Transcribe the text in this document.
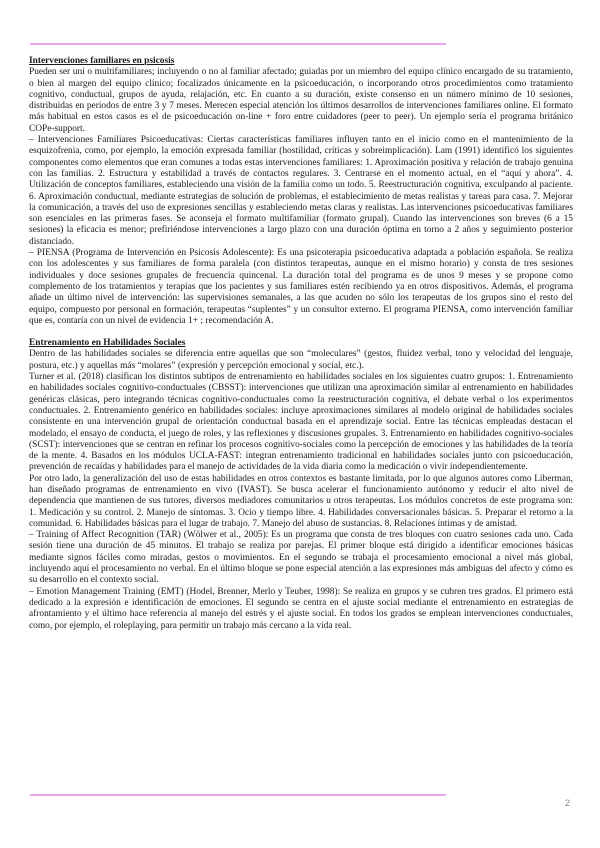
Intervenciones familiares en psicosis

Pueden ser uni o multifamiliares; incluyendo o no al familiar afectado; guiadas por un miembro del equipo clínico encargado de su tratamiento, o bien al margen del equipo clínico; focalizados únicamente en la psicoeducación, o incorporando otros procedimientos como tratamiento cognitivo, conductual, grupos de ayuda, relajación, etc. En cuanto a su duración, existe consenso en un número mínimo de 10 sesiones, distribuidas en periodos de entre 3 y 7 meses. Merecen especial atención los últimos desarrollos de intervenciones familiares online. El formato más habitual en estos casos es el de psicoeducación on-line + foro entre cuidadores (peer to peer). Un ejemplo sería el programa británico COPe-support.

– Intervenciones Familiares Psicoeducativas: Ciertas características familiares influyen tanto en el inicio como en el mantenimiento de la esquizofrenia, como, por ejemplo, la emoción expresada familiar (hostilidad, críticas y sobreimplicación). Lam (1991) identificó los siguientes componentes como elementos que eran comunes a todas estas intervenciones familiares: 1. Aproximación positiva y relación de trabajo genuina con las familias. 2. Estructura y estabilidad a través de contactos regulares. 3. Centrarse en el momento actual, en el “aquí y ahora”. 4. Utilización de conceptos familiares, estableciendo una visión de la familia como un todo. 5. Reestructuración cognitiva, exculpando al paciente. 6. Aproximación conductual, mediante estrategias de solución de problemas, el establecimiento de metas realistas y tareas para casa. 7. Mejorar la comunicación, a través del uso de expresiones sencillas y estableciendo metas claras y realistas. Las intervenciones psicoeducativas familiares son esenciales en las primeras fases. Se aconseja el formato multifamiliar (formato grupal). Cuando las intervenciones son breves (6 a 15 sesiones) la eficacia es menor; prefiriéndose intervenciones a largo plazo con una duración óptima en torno a 2 años y seguimiento posterior distanciado.

– PIENSA (Programa de Intervención en Psicosis Adolescente): Es una psicoterapia psicoeducativa adaptada a población española. Se realiza con los adolescentes y sus familiares de forma paralela (con distintos terapeutas, aunque en el mismo horario) y consta de tres sesiones individuales y doce sesiones grupales de frecuencia quincenal. La duración total del programa es de unos 9 meses y se propone como complemento de los tratamientos y terapias que los pacientes y sus familiares estén recibiendo ya en otros dispositivos. Además, el programa añade un último nivel de intervención: las supervisiones semanales, a las que acuden no sólo los terapeutas de los grupos sino el resto del equipo, compuesto por personal en formación, terapeutas “suplentes” y un consultor externo. El programa PIENSA, como intervención familiar que es, contaría con un nivel de evidencia 1+ ; recomendación A.

Entrenamiento en Habilidades Sociales

Dentro de las habilidades sociales se diferencia entre aquellas que son “moleculares” (gestos, fluidez verbal, tono y velocidad del lenguaje, postura, etc.) y aquellas más “molares” (expresión y percepción emocional y social, etc.).

Turner et al. (2018) clasifican los distintos subtipos de entrenamiento en habilidades sociales en los siguientes cuatro grupos: 1. Entrenamiento en habilidades sociales cognitivo-conductuales (CBSST): intervenciones que utilizan una aproximación similar al entrenamiento en habilidades genéricas clásicas, pero integrando técnicas cognitivo-conductuales como la reestructuración cognitiva, el debate verbal o los experimentos conductuales. 2. Entrenamiento genérico en habilidades sociales: incluye aproximaciones similares al modelo original de habilidades sociales consistente en una intervención grupal de orientación conductual basada en el aprendizaje social. Entre las técnicas empleadas destacan el modelado, el ensayo de conducta, el juego de roles, y las reflexiones y discusiones grupales. 3. Entrenamiento en habilidades cognitivo-sociales (SCST): intervenciones que se centran en refinar los procesos cognitivo-sociales como la percepción de emociones y las habilidades de la teoría de la mente. 4. Basados en los módulos UCLA-FAST: integran entrenamiento tradicional en habilidades sociales junto con psicoeducación, prevención de recaídas y habilidades para el manejo de actividades de la vida diaria como la medicación o vivir independientemente.

Por otro lado, la generalización del uso de estas habilidades en otros contextos es bastante limitada, por lo que algunos autores como Liberman, han diseñado programas de entrenamiento en vivo (IVAST). Se busca acelerar el funcionamiento autónomo y reducir el alto nivel de dependencia que mantienen de sus tutores, diversos mediadores comunitarios u otros terapeutas. Los módulos concretos de este programa son: 1. Medicación y su control. 2. Manejo de síntomas. 3. Ocio y tiempo libre. 4. Habilidades conversacionales básicas. 5. Preparar el retorno a la comunidad. 6. Habilidades básicas para el lugar de trabajo. 7. Manejo del abuso de sustancias. 8. Relaciones íntimas y de amistad.

– Training of Affect Recognition (TAR) (Wölwer et al., 2005): Es un programa que consta de tres bloques con cuatro sesiones cada uno. Cada sesión tiene una duración de 45 minutos. El trabajo se realiza por parejas. El primer bloque está dirigido a identificar emociones básicas mediante signos fáciles como miradas, gestos o movimientos. En el segundo se trabaja el procesamiento emocional a nivel más global, incluyendo aquí el procesamiento no verbal. En el último bloque se pone especial atención a las expresiones más ambiguas del afecto y cómo es su desarrollo en el contexto social.

– Emotion Management Training (EMT) (Hodel, Brenner, Merlo y Teuber, 1998): Se realiza en grupos y se cubren tres grados. El primero está dedicado a la expresión e identificación de emociones. El segundo se centra en el ajuste social mediante el entrenamiento en estrategias de afrontamiento y el último hace referencia al manejo del estrés y el ajuste social. En todos los grados se emplean intervenciones conductuales, como, por ejemplo, el roleplaying, para permitir un trabajo más cercano a la vida real.

2
